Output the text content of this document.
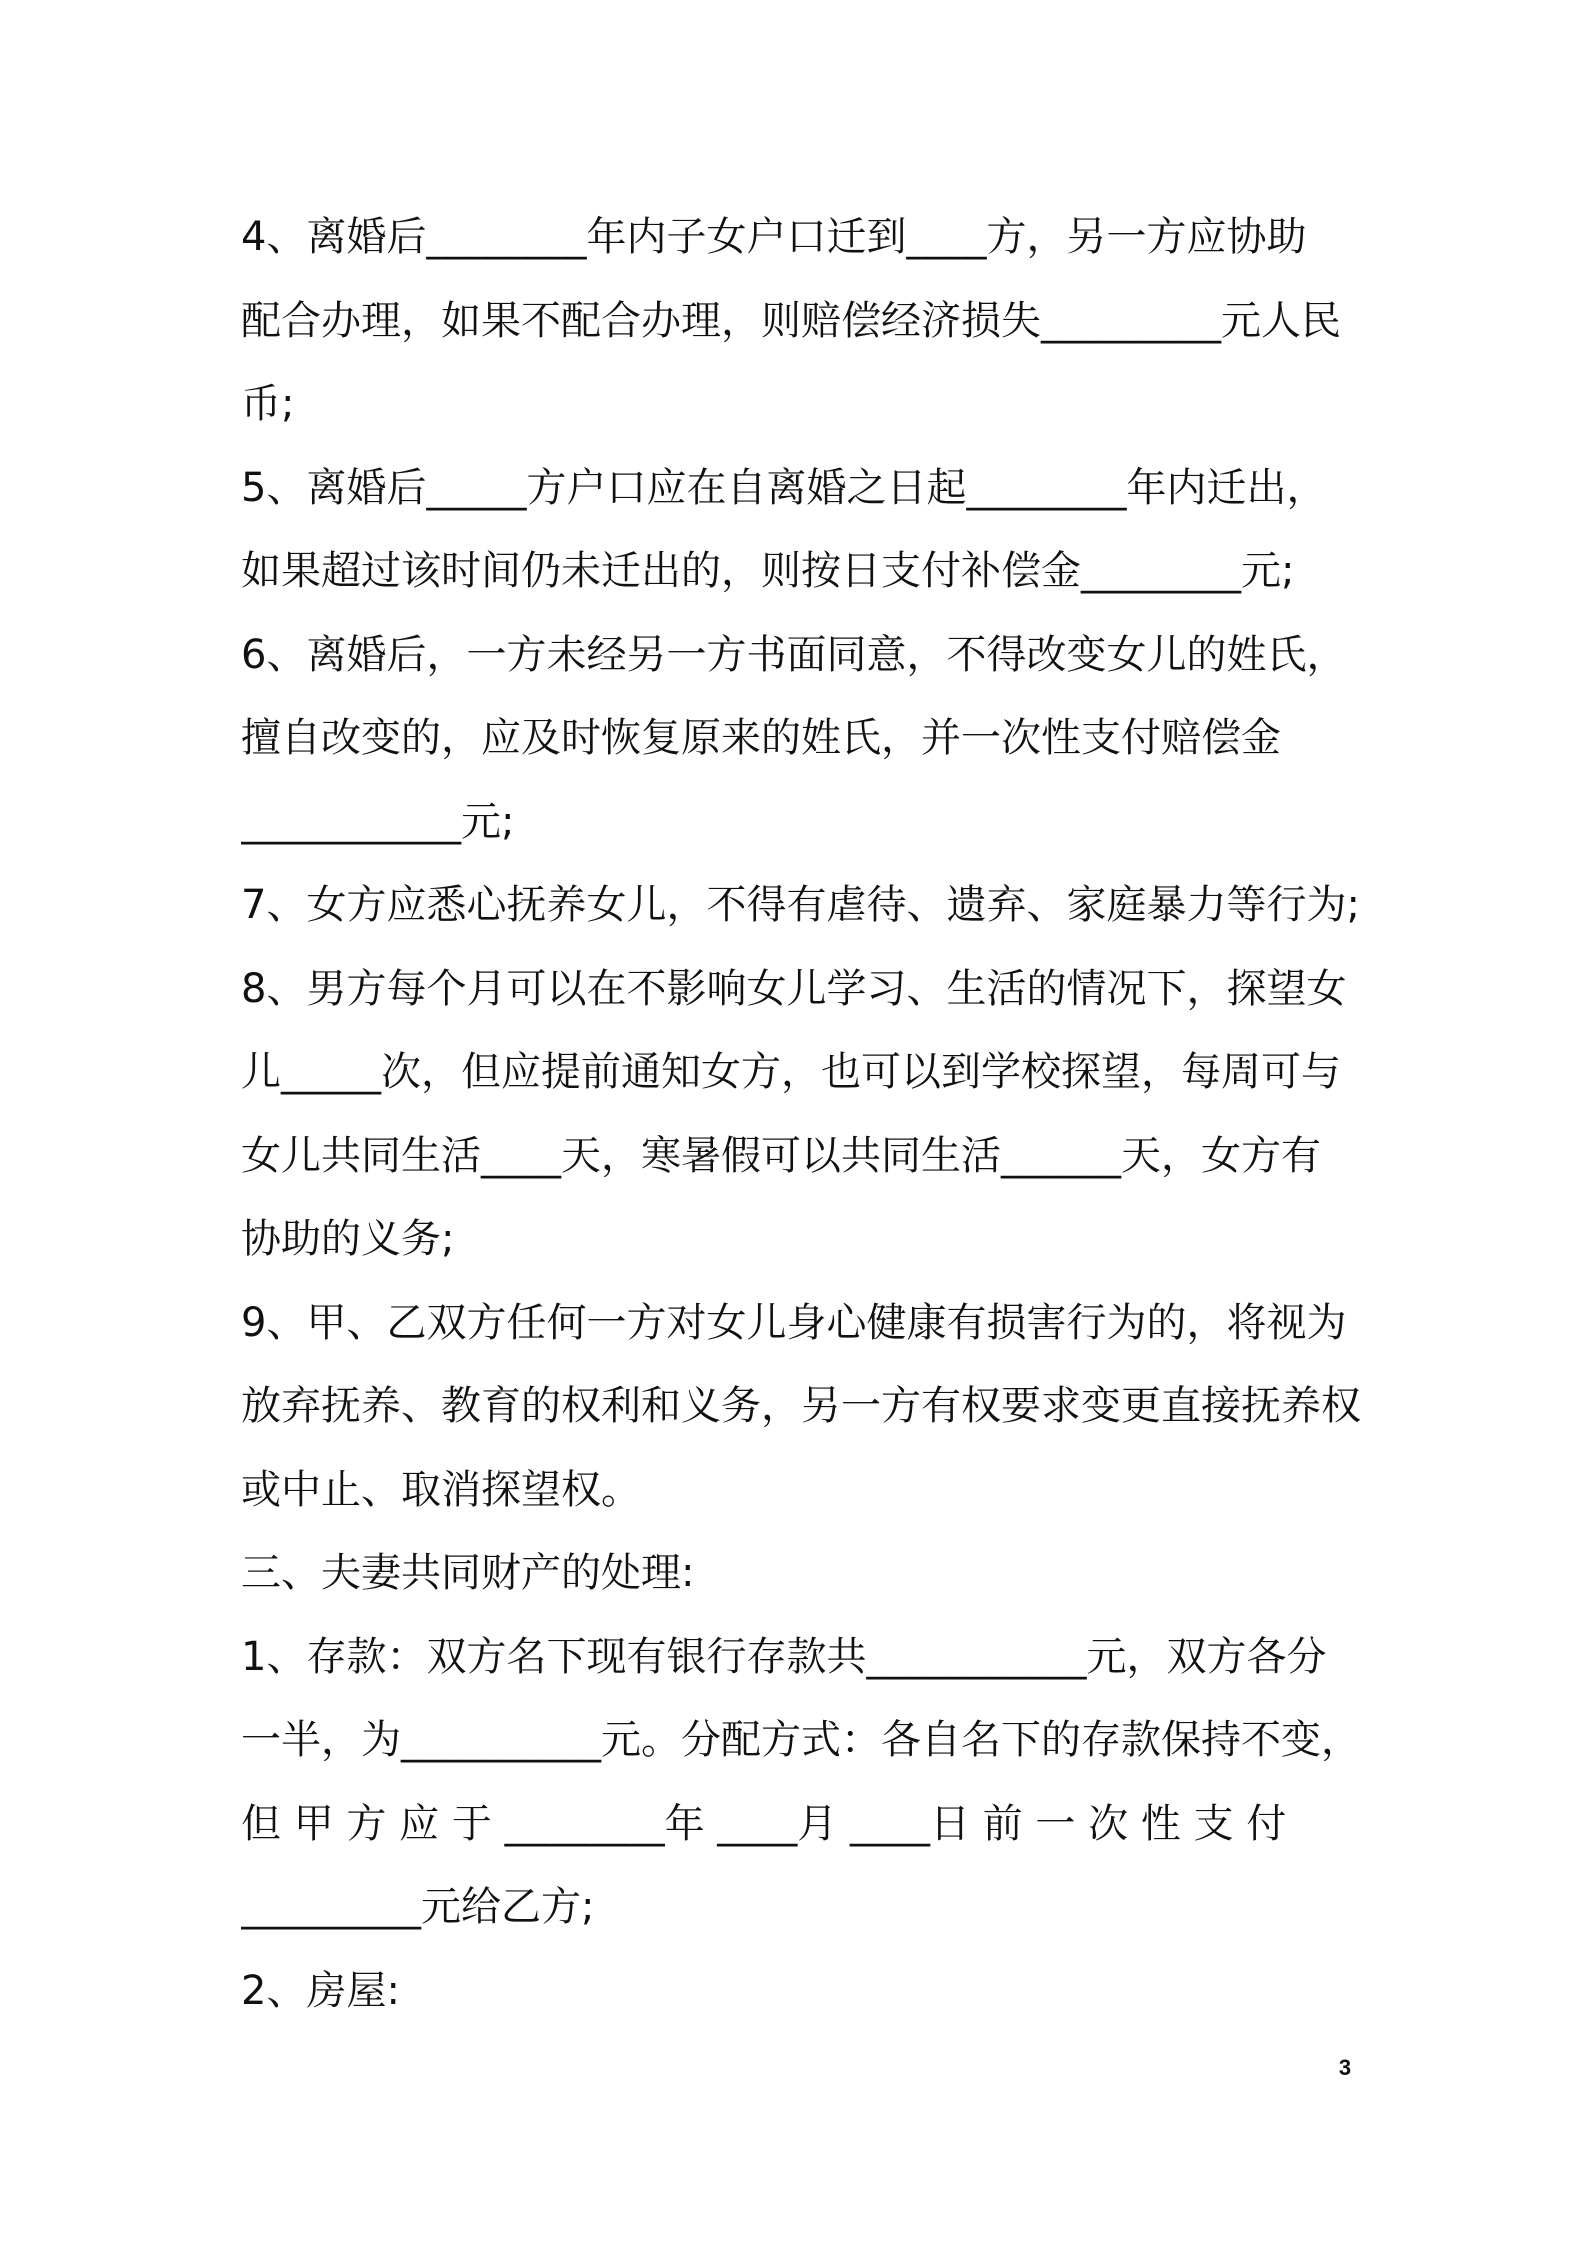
4、离婚后________年内子女户口迁到____方，另一方应协助
配合办理，如果不配合办理，则赔偿经济损失_________元人民
币;
5、离婚后_____方户口应在自离婚之日起________年内迁出，
如果超过该时间仍未迁出的，则按日支付补偿金________元;
6、离婚后，一方未经另一方书面同意，不得改变女儿的姓氏，
擅自改变的，应及时恢复原来的姓氏，并一次性支付赔偿金
___________元;
7、女方应悉心抚养女儿，不得有虐待、遗弃、家庭暴力等行为;
8、男方每个月可以在不影响女儿学习、生活的情况下，探望女
儿_____次，但应提前通知女方，也可以到学校探望，每周可与
女儿共同生活____天，寒暑假可以共同生活______天，女方有
协助的义务;
9、甲、乙双方任何一方对女儿身心健康有损害行为的，将视为
放弃抚养、教育的权利和义务，另一方有权要求变更直接抚养权
或中止、取消探望权。
三、夫妻共同财产的处理:
1、存款：双方名下现有银行存款共___________元，双方各分
一半，为__________元。分配方式：各自名下的存款保持不变，
但 甲 方 应 于 ________年 ____月 ____日 前 一 次 性 支 付
_________元给乙方;
2、房屋:
3
